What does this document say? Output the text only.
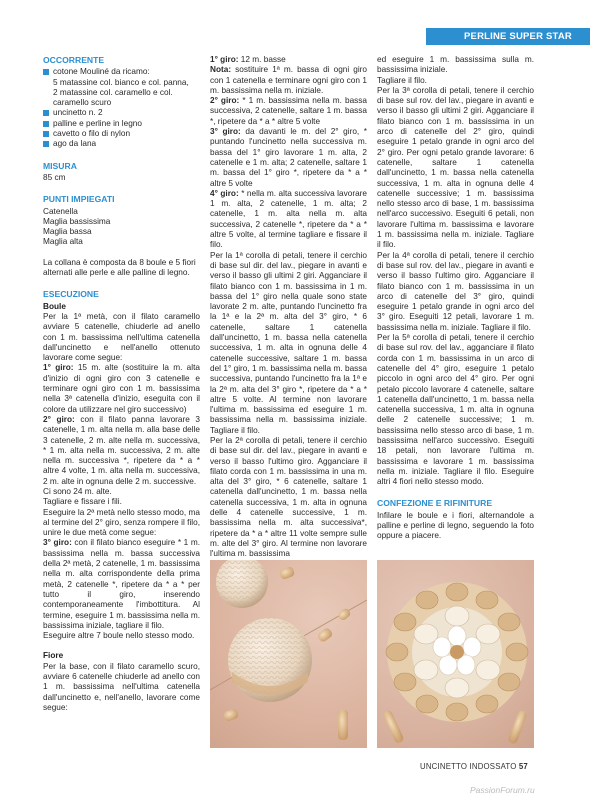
PERLINE SUPER STAR
OCCORRENTE
cotone Mouliné da ricamo:
5 matassine col. bianco e col. panna,
2 matassine col. caramello e col. caramello scuro
uncinetto n. 2
palline e perline in legno
cavetto o filo di nylon
ago da lana
MISURA

85 cm

PUNTI IMPIEGATI
Catenella
Maglia bassissima
Maglia bassa
Maglia alta

La collana è composta da 8 boule e 5 fiori alternati alle perle e alle palline di legno.

ESECUZIONE

Boule

Per la 1ª metà, con il filato caramello avviare 5 catenelle, chiuderle ad anello con 1 m. bassissima nell'ultima catenella dall'uncinetto e nell'anello ottenuto lavorare come segue:

1° giro: 15 m. alte (sostituire la m. alta d'inizio di ogni giro con 3 catenelle e terminare ogni giro con 1 m. bassissima nella 3ª catenella d'inizio, eseguita con il colore da utilizzare nel giro successivo)

2° giro: con il filato panna lavorare 3 catenelle, 1 m. alta nella m. alla base delle 3 catenelle, 2 m. alte nella m. successiva, * 1 m. alta nella m. successiva, 2 m. alte nella m. successiva *, ripetere da * a * altre 4 volte, 1 m. alta nella m. successiva, 2 m. alte in ognuna delle 2 m. successive.

Ci sono 24 m. alte.

Tagliare e fissare i fili.

Eseguire la 2ª metà nello stesso modo, ma al termine del 2° giro, senza rompere il filo, unire le due metà come segue:

3° giro: con il filato bianco eseguire * 1 m. bassissima nella m. bassa successiva della 2ª metà, 2 catenelle, 1 m. bassissima nella m. alta corrispondente della prima metà, 2 catenelle *, ripetere da * a * per tutto il giro, inserendo contemporaneamente l'imbottitura. Al termine, eseguire 1 m. bassissima nella m. bassissima iniziale, tagliare il filo.

Eseguire altre 7 boule nello stesso modo.

Fiore

Per la base, con il filato caramello scuro, avviare 6 catenelle chiuderle ad anello con 1 m. bassissima nell'ultima catenella dall'uncinetto e, nell'anello, lavorare come segue:

1° giro: 12 m. basse

Nota: sostituire 1ª m. bassa di ogni giro con 1 catenella e terminare ogni giro con 1 m. bassissima nella m. iniziale.

2° giro: * 1 m. bassissima nella m. bassa successiva, 2 catenelle, saltare 1 m. bassa *, ripetere da * a * altre 5 volte

3° giro: da davanti le m. del 2° giro, * puntando l'uncinetto nella successiva m. bassa del 1° giro lavorare 1 m. alta, 2 catenelle e 1 m. alta; 2 catenelle, saltare 1 m. bassa del 1° giro *, ripetere da * a * altre 5 volte

4° giro: * nella m. alta successiva lavorare 1 m. alta, 2 catenelle, 1 m. alta; 2 catenelle, 1 m. alta nella m. alta successiva, 2 catenelle *, ripetere da * a * altre 5 volte, al termine tagliare e fissare il filo.

Per la 1ª corolla di petali, tenere il cerchio di base sul dir. del lav., piegare in avanti e verso il basso gli ultimi 2 giri. Agganciare il filato bianco con 1 m. bassissima in 1 m. bassa del 1° giro nella quale sono state lavorate 2 m. alte, puntando l'uncinetto fra la 1ª e la 2ª m. alta del 3° giro, * 6 catenelle, saltare 1 catenella dall'uncinetto, 1 m. bassa nella catenella successiva, 1 m. alta in ognuna delle 4 catenelle successive, saltare 1 m. bassa del 1° giro, 1 m. bassissima nella m. bassa successiva, puntando l'uncinetto fra la 1ª e la 2ª m. alta del 3° giro *, ripetere da * a * altre 5 volte. Al termine non lavorare l'ultima m. bassissima ed eseguire 1 m. bassissima nella m. bassissima iniziale. Tagliare il filo.

Per la 2ª corolla di petali, tenere il cerchio di base sul dir. del lav., piegare in avanti e verso il basso l'ultimo giro. Agganciare il filato corda con 1 m. bassissima in una m. alta del 3° giro, * 6 catenelle, saltare 1 catenella dall'uncinetto, 1 m. bassa nella catenella successiva, 1 m. alta in ognuna delle 4 catenelle successive, 1 m. bassissima nella m. alta successiva*, ripetere da * a * altre 11 volte sempre sulle m. alte del 3° giro. Al termine non lavorare l'ultima m. bassissima

ed eseguire 1 m. bassissima sulla m. bassissima iniziale.

Tagliare il filo.

Per la 3ª corolla di petali, tenere il cerchio di base sul rov. del lav., piegare in avanti e verso il basso gli ultimi 2 giri. Agganciare il filato bianco con 1 m. bassissima in un arco di catenelle del 2° giro, quindi eseguire 1 petalo grande in ogni arco del 2° giro. Per ogni petalo grande lavorare: 6 catenelle, saltare 1 catenella dall'uncinetto, 1 m. bassa nella catenella successiva, 1 m. alta in ognuna delle 4 catenelle successive; 1 m. bassissima nello stesso arco di base, 1 m. bassissima nell'arco successivo. Eseguiti 6 petali, non lavorare l'ultima m. bassissima e lavorare 1 m. bassissima nella m. iniziale. Tagliare il filo.

Per la 4ª corolla di petali, tenere il cerchio di base sul rov. del lav., piegare in avanti e verso il basso l'ultimo giro. Agganciare il filato bianco con 1 m. bassissima in un arco di catenelle del 3° giro, quindi eseguire 1 petalo grande in ogni arco del 3° giro. Eseguiti 12 petali, lavorare 1 m. bassissima nella m. iniziale. Tagliare il filo.

Per la 5ª corolla di petali, tenere il cerchio di base sul rov. del lav., agganciare il filato corda con 1 m. bassissima in un arco di catenelle del 4° giro, eseguire 1 petalo piccolo in ogni arco del 4° giro. Per ogni petalo piccolo lavorare 4 catenelle, saltare 1 catenella dall'uncinetto, 1 m. bassa nella catenella successiva, 1 m. alta in ognuna delle 2 catenelle successive; 1 m. bassissima nello stesso arco di base, 1 m. bassissima nell'arco successivo. Eseguiti 18 petali, non lavorare l'ultima m. bassissima e lavorare 1 m. bassissima nella m. iniziale. Tagliare il filo. Eseguire altri 4 fiori nello stesso modo.

CONFEZIONE E RIFINITURE

Infilare le boule e i fiori, alternandole a palline e perline di legno, seguendo la foto oppure a piacere.

UNCINETTO INDOSSATO 57
PassionForum.ru
